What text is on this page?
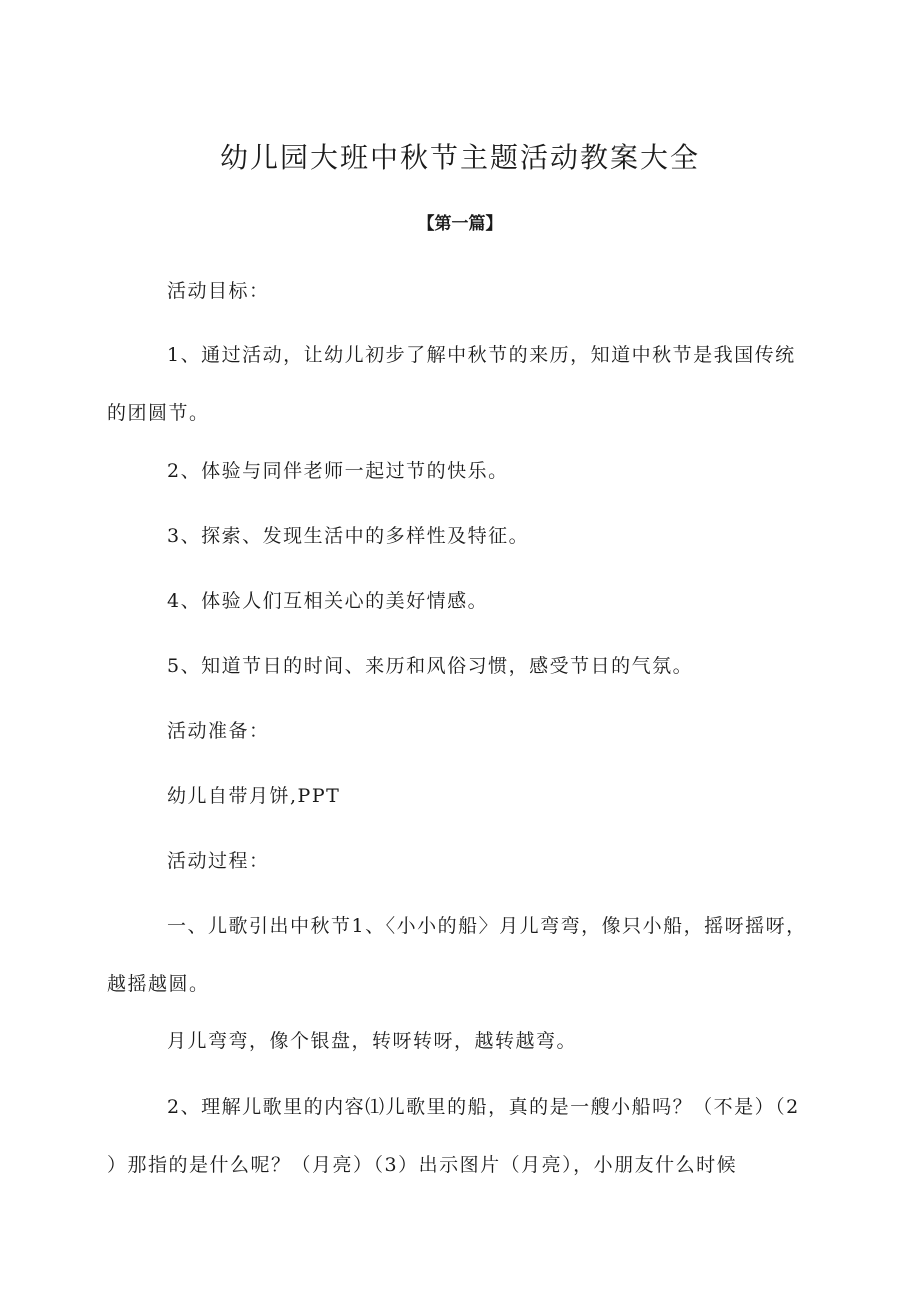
幼儿园大班中秋节主题活动教案大全
【第一篇】

活动目标：

1、通过活动，让幼儿初步了解中秋节的来历，知道中秋节是我国传统
的团圆节。

2、体验与同伴老师一起过节的快乐。

3、探索、发现生活中的多样性及特征。

4、体验人们互相关心的美好情感。

5、知道节日的时间、来历和风俗习惯，感受节日的气氛。

活动准备：

幼儿自带月饼,PPT

活动过程：

一、儿歌引出中秋节1、〈小小的船〉月儿弯弯，像只小船，摇呀摇呀，
越摇越圆。

月儿弯弯，像个银盘，转呀转呀，越转越弯。

2、理解儿歌里的内容⑴儿歌里的船，真的是一艘小船吗？（不是）（2
）那指的是什么呢？（月亮）（3）出示图片（月亮），小朋友什么时候
